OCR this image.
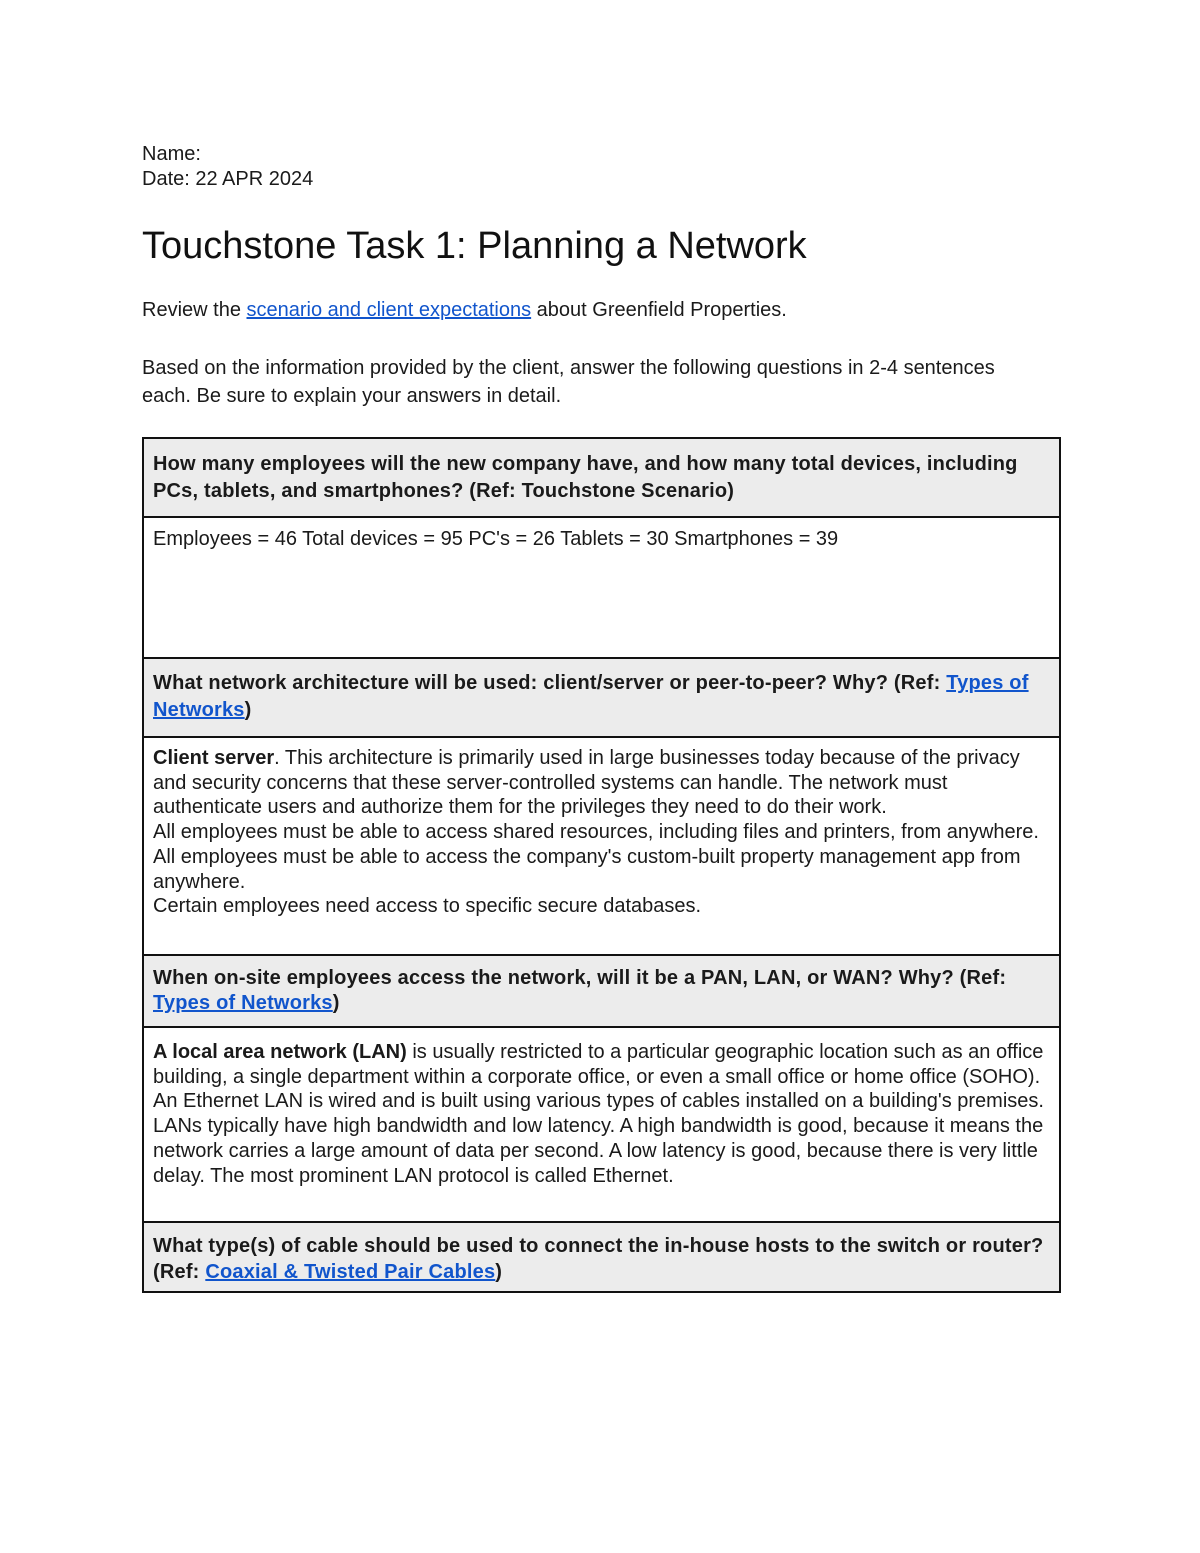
Name:
Date: 22 APR 2024
Touchstone Task 1: Planning a Network

Review the scenario and client expectations about Greenfield Properties.

Based on the information provided by the client, answer the following questions in 2-4 sentences each. Be sure to explain your answers in detail.

How many employees will the new company have, and how many total devices, including PCs, tablets, and smartphones? (Ref: Touchstone Scenario)
Employees = 46 Total devices = 95 PC's = 26 Tablets = 30 Smartphones = 39
What network architecture will be used: client/server or peer-to-peer? Why? (Ref: Types of Networks)
Client server. This architecture is primarily used in large businesses today because of the privacy and security concerns that these server-controlled systems can handle. The network must authenticate users and authorize them for the privileges they need to do their work.
All employees must be able to access shared resources, including files and printers, from anywhere.
All employees must be able to access the company's custom-built property management app from anywhere.
Certain employees need access to specific secure databases.
When on-site employees access the network, will it be a PAN, LAN, or WAN? Why? (Ref: Types of Networks)
A local area network (LAN) is usually restricted to a particular geographic location such as an office building, a single department within a corporate office, or even a small office or home office (SOHO). An Ethernet LAN is wired and is built using various types of cables installed on a building's premises. LANs typically have high bandwidth and low latency. A high bandwidth is good, because it means the network carries a large amount of data per second. A low latency is good, because there is very little delay. The most prominent LAN protocol is called Ethernet.
What type(s) of cable should be used to connect the in-house hosts to the switch or router? (Ref: Coaxial & Twisted Pair Cables)
